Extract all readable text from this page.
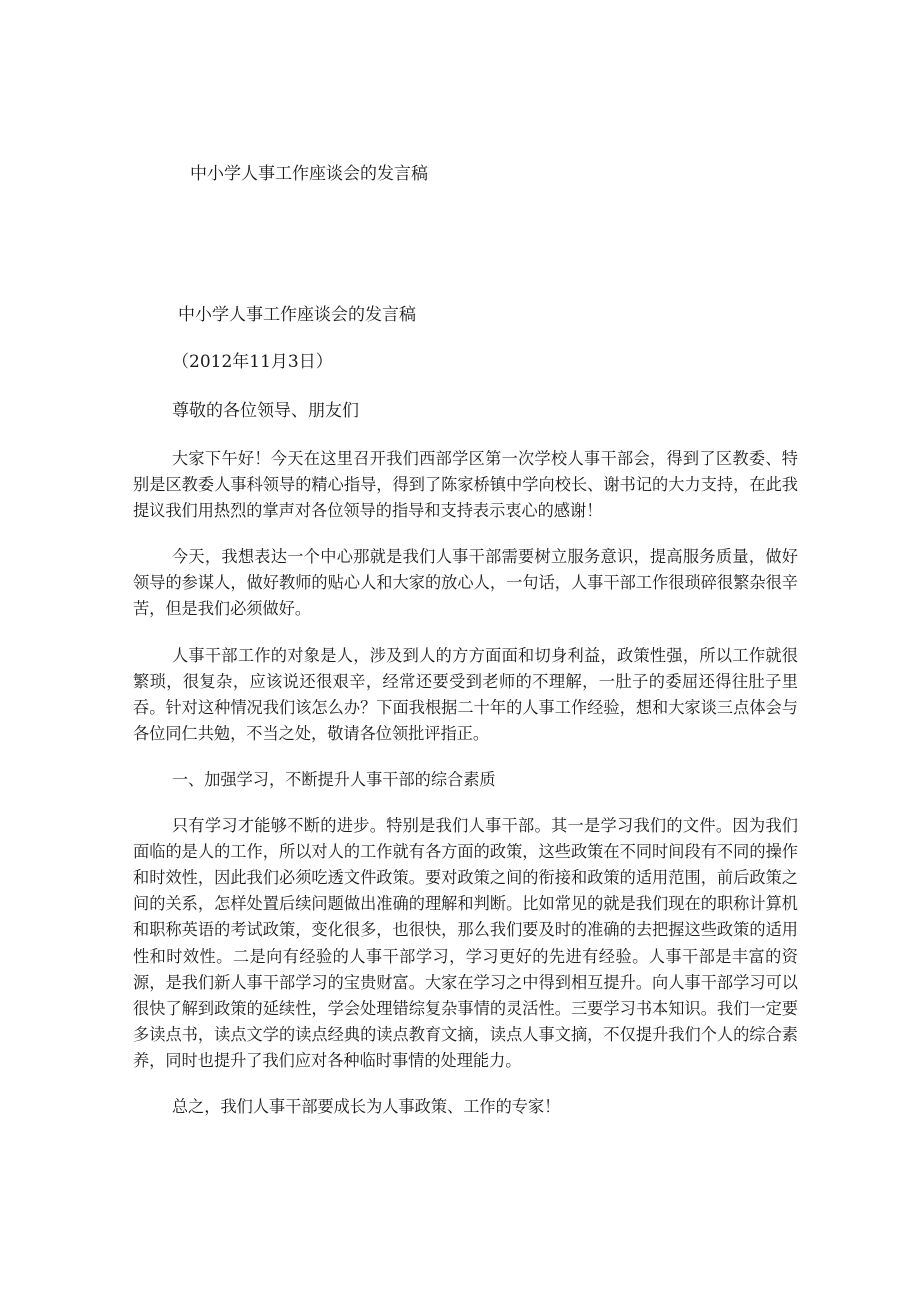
中小学人事工作座谈会的发言稿
中小学人事工作座谈会的发言稿
（2012年11月3日）
尊敬的各位领导、朋友们

大家下午好！今天在这里召开我们西部学区第一次学校人事干部会，得到了区教委、特别是区教委人事科领导的精心指导，得到了陈家桥镇中学向校长、谢书记的大力支持，在此我提议我们用热烈的掌声对各位领导的指导和支持表示衷心的感谢！

今天，我想表达一个中心那就是我们人事干部需要树立服务意识，提高服务质量，做好领导的参谋人，做好教师的贴心人和大家的放心人，一句话，人事干部工作很琐碎很繁杂很辛苦，但是我们必须做好。

人事干部工作的对象是人，涉及到人的方方面面和切身利益，政策性强，所以工作就很繁琐，很复杂，应该说还很艰辛，经常还要受到老师的不理解，一肚子的委屈还得往肚子里吞。针对这种情况我们该怎么办？下面我根据二十年的人事工作经验，想和大家谈三点体会与各位同仁共勉，不当之处，敬请各位领批评指正。

一、加强学习，不断提升人事干部的综合素质

只有学习才能够不断的进步。特别是我们人事干部。其一是学习我们的文件。因为我们面临的是人的工作，所以对人的工作就有各方面的政策，这些政策在不同时间段有不同的操作和时效性，因此我们必须吃透文件政策。要对政策之间的衔接和政策的适用范围，前后政策之间的关系，怎样处置后续问题做出准确的理解和判断。比如常见的就是我们现在的职称计算机和职称英语的考试政策，变化很多，也很快，那么我们要及时的准确的去把握这些政策的适用性和时效性。二是向有经验的人事干部学习，学习更好的先进有经验。人事干部是丰富的资源，是我们新人事干部学习的宝贵财富。大家在学习之中得到相互提升。向人事干部学习可以很快了解到政策的延续性，学会处理错综复杂事情的灵活性。三要学习书本知识。我们一定要多读点书，读点文学的读点经典的读点教育文摘，读点人事文摘，不仅提升我们个人的综合素养，同时也提升了我们应对各种临时事情的处理能力。

总之，我们人事干部要成长为人事政策、工作的专家！
